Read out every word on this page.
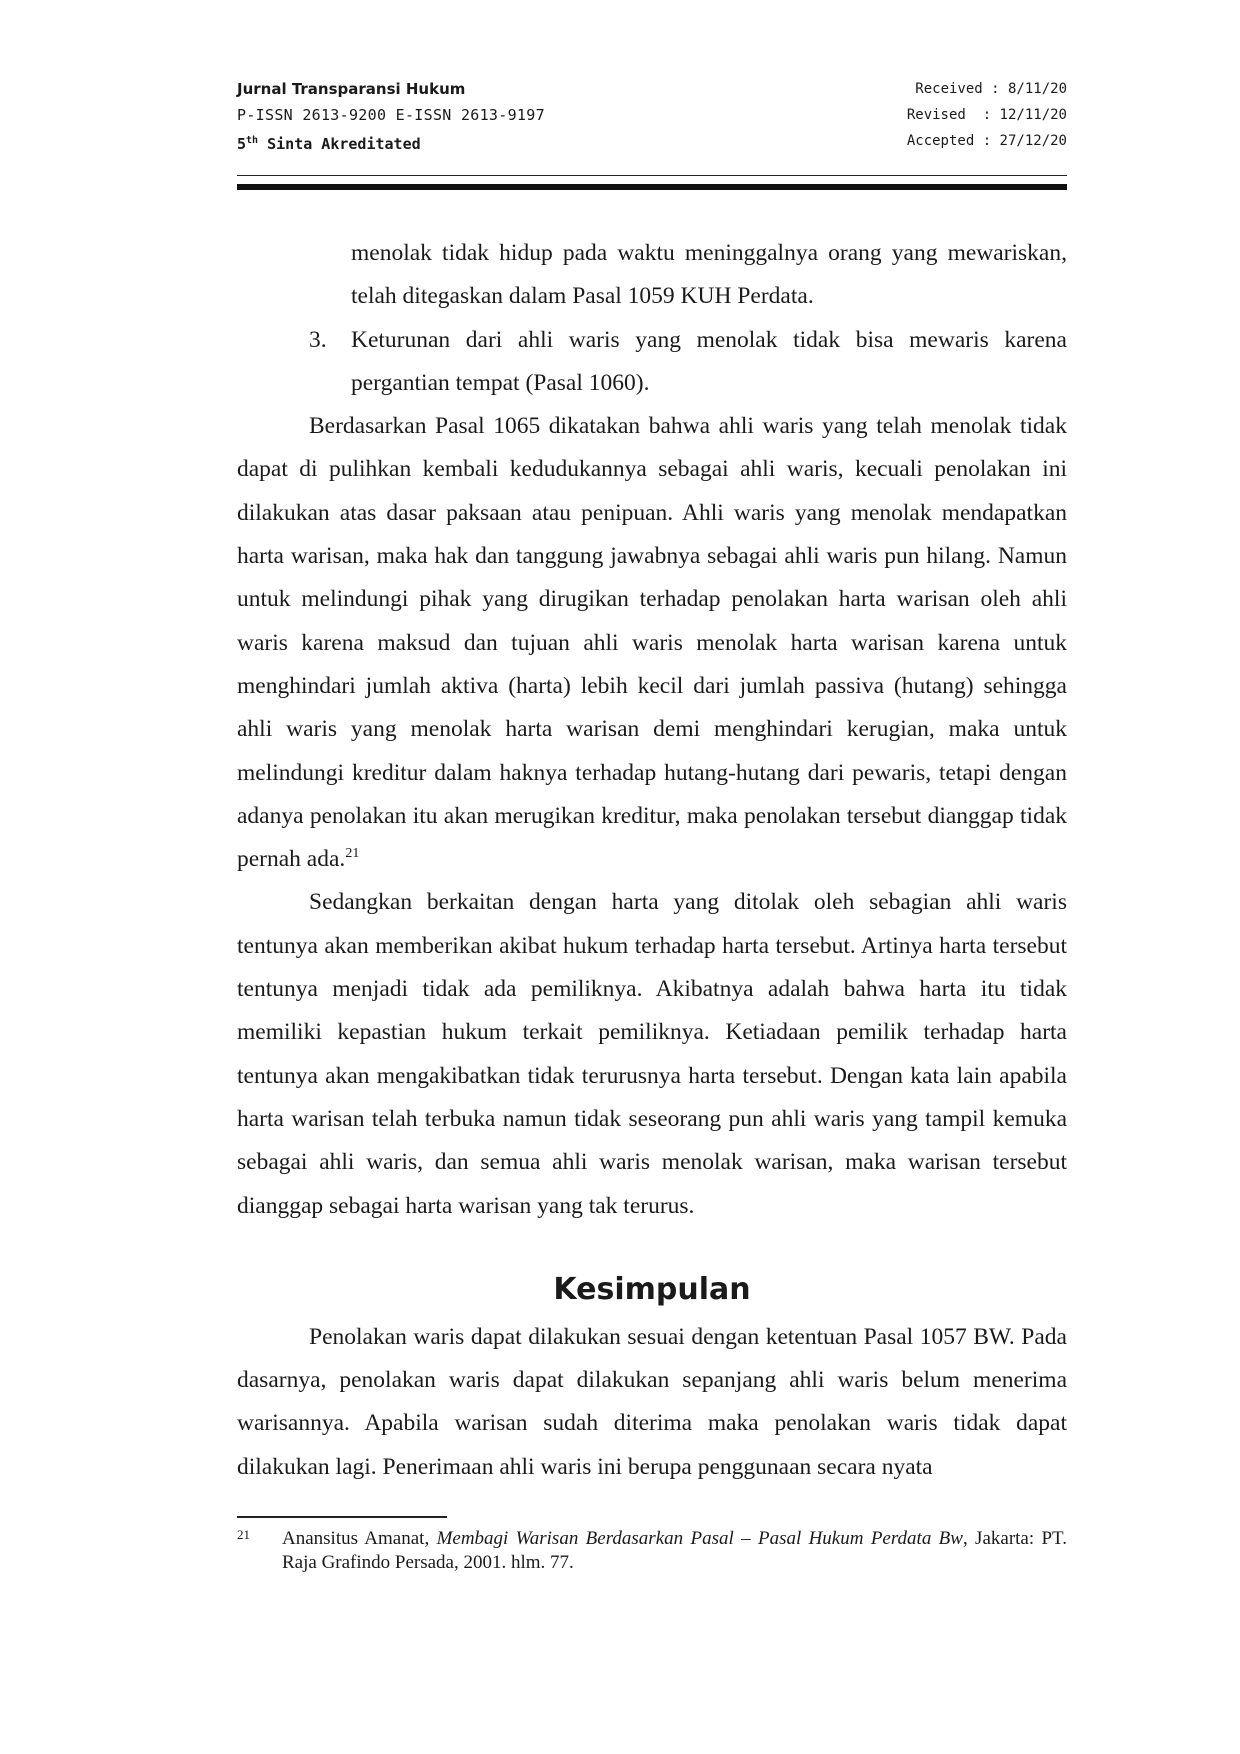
Jurnal Transparansi Hukum
P-ISSN 2613-9200 E-ISSN 2613-9197
5th Sinta Akreditated
Received : 8/11/20
Revised  : 12/11/20
Accepted : 27/12/20

menolak tidak hidup pada waktu meninggalnya orang yang mewariskan, telah ditegaskan dalam Pasal 1059 KUH Perdata.

3. Keturunan dari ahli waris yang menolak tidak bisa mewaris karena pergantian tempat (Pasal 1060).

Berdasarkan Pasal 1065 dikatakan bahwa ahli waris yang telah menolak tidak dapat di pulihkan kembali kedudukannya sebagai ahli waris, kecuali penolakan ini dilakukan atas dasar paksaan atau penipuan. Ahli waris yang menolak mendapatkan harta warisan, maka hak dan tanggung jawabnya sebagai ahli waris pun hilang. Namun untuk melindungi pihak yang dirugikan terhadap penolakan harta warisan oleh ahli waris karena maksud dan tujuan ahli waris menolak harta warisan karena untuk menghindari jumlah aktiva (harta) lebih kecil dari jumlah passiva (hutang) sehingga ahli waris yang menolak harta warisan demi menghindari kerugian, maka untuk melindungi kreditur dalam haknya terhadap hutang-hutang dari pewaris, tetapi dengan adanya penolakan itu akan merugikan kreditur, maka penolakan tersebut dianggap tidak pernah ada.$^{21}$

Sedangkan berkaitan dengan harta yang ditolak oleh sebagian ahli waris tentunya akan memberikan akibat hukum terhadap harta tersebut. Artinya harta tersebut tentunya menjadi tidak ada pemiliknya. Akibatnya adalah bahwa harta itu tidak memiliki kepastian hukum terkait pemiliknya. Ketiadaan pemilik terhadap harta tentunya akan mengakibatkan tidak terurusnya harta tersebut. Dengan kata lain apabila harta warisan telah terbuka namun tidak seseorang pun ahli waris yang tampil kemuka sebagai ahli waris, dan semua ahli waris menolak warisan, maka warisan tersebut dianggap sebagai harta warisan yang tak terurus.

Kesimpulan

Penolakan waris dapat dilakukan sesuai dengan ketentuan Pasal 1057 BW. Pada dasarnya, penolakan waris dapat dilakukan sepanjang ahli waris belum menerima warisannya. Apabila warisan sudah diterima maka penolakan waris tidak dapat dilakukan lagi. Penerimaan ahli waris ini berupa penggunaan secara nyata

21 Anansitus Amanat, Membagi Warisan Berdasarkan Pasal – Pasal Hukum Perdata Bw, Jakarta: PT. Raja Grafindo Persada, 2001. hlm. 77.
